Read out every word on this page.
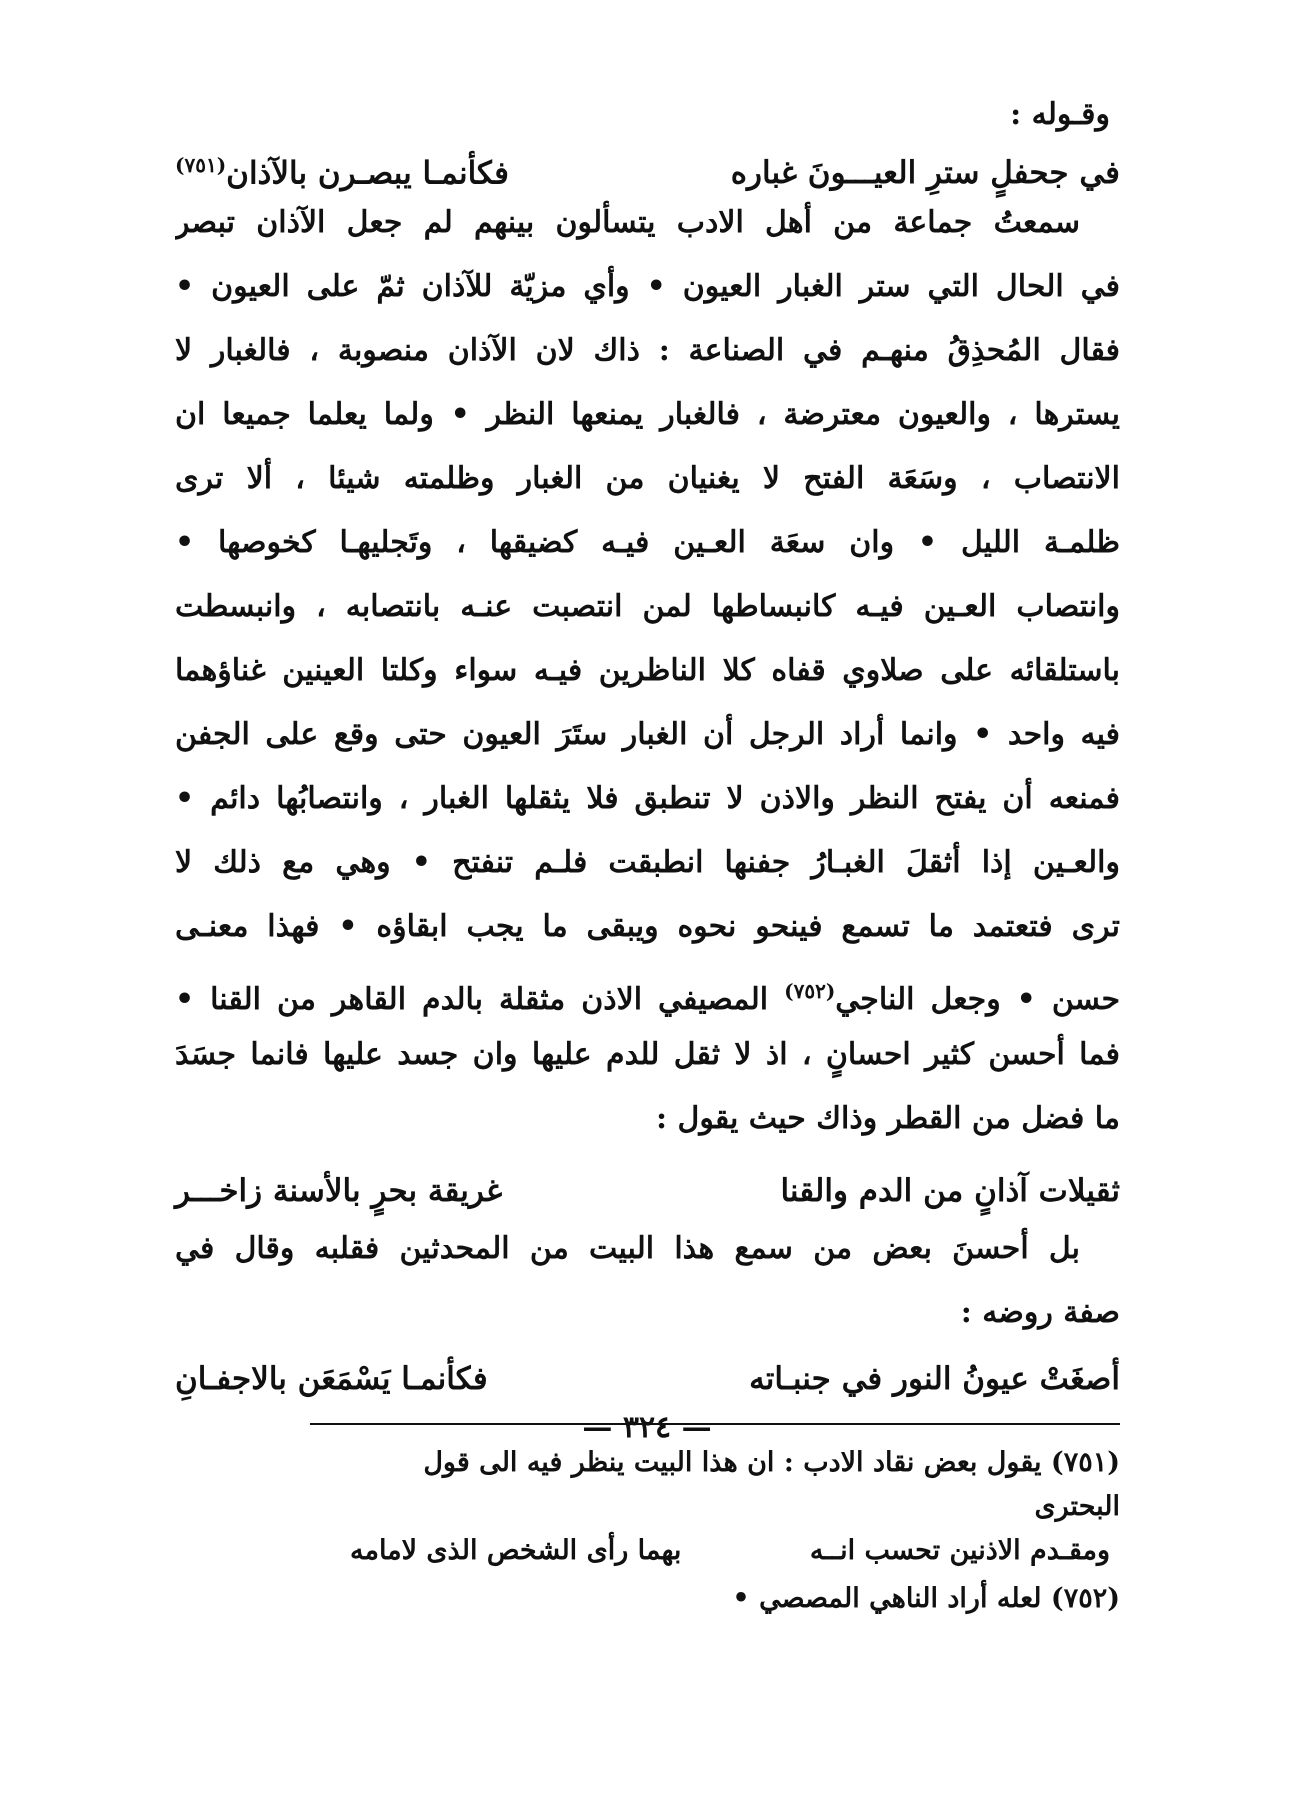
وقـوله :
في جحفلٍ سترِ العيـــونَ غباره
فكأنمـا يبصـرن بالآذان$^{(٧٥١)}$
سمعتُ جماعة من أهل الادب يتسألون بينهم لم جعل الآذان تبصر
في الحال التي ستر الغبار العيون • وأي مزيّة للآذان ثمّ على العيون •
فقال المُحذِقُ منهـم في الصناعة : ذاك لان الآذان منصوبة ، فالغبار لا
يسترها ، والعيون معترضة ، فالغبار يمنعها النظر • ولما يعلما جميعا ان
الانتصاب ، وسَعَة الفتح لا يغنيان من الغبار وظلمته شيئا ، ألا ترى
ظلمـة الليل • وان سعَة العـين فيـه كضيقها ، وتَجليهـا كخوصها •
وانتصاب العـين فيـه كانبساطها لمن انتصبت عنـه بانتصابه ، وانبسطت
باستلقائه على صلاوي قفاه كلا الناظرين فيـه سواء وكلتا العينين غناؤهما
فيه واحد • وانما أراد الرجل أن الغبار ستَرَ العيون حتى وقع على الجفن
فمنعه أن يفتح النظر والاذن لا تنطبق فلا يثقلها الغبار ، وانتصابُها دائم •
والعـين إذا أثقلَ الغبـارُ جفنها انطبقت فلـم تنفتح • وهي مع ذلك لا
ترى فتعتمد ما تسمع فينحو نحوه ويبقى ما يجب ابقاؤه • فهذا معنـى
حسن • وجعل الناجي$^{(٧٥٢)}$ المصيفي الاذن مثقلة بالدم القاهر من القنا •
فما أحسن كثير احسانٍ ، اذ لا ثقل للدم عليها وان جسد عليها فانما جسَدَ
ما فضل من القطر وذاك حيث يقول :
ثقيلات آذانٍ من الدم والقنا
غريقة بحرٍ بالأسنة زاخـــر
بل أحسنَ بعض من سمع هذا البيت من المحدثين فقلبه وقال في
صفة روضه :
أصغَتْ عيونُ النور في جنبـاته
فكأنمـا يَسْمَعَن بالاجفـانِ
(٧٥١) يقول بعض نقاد الادب : ان هذا البيت ينظر فيه الى قول
البحترى
ومقـدم الاذنين تحسب انــه
بهما رأى الشخص الذى لامامه
(٧٥٢) لعله أراد الناهي المصصي •
— ٣٢٤ —
